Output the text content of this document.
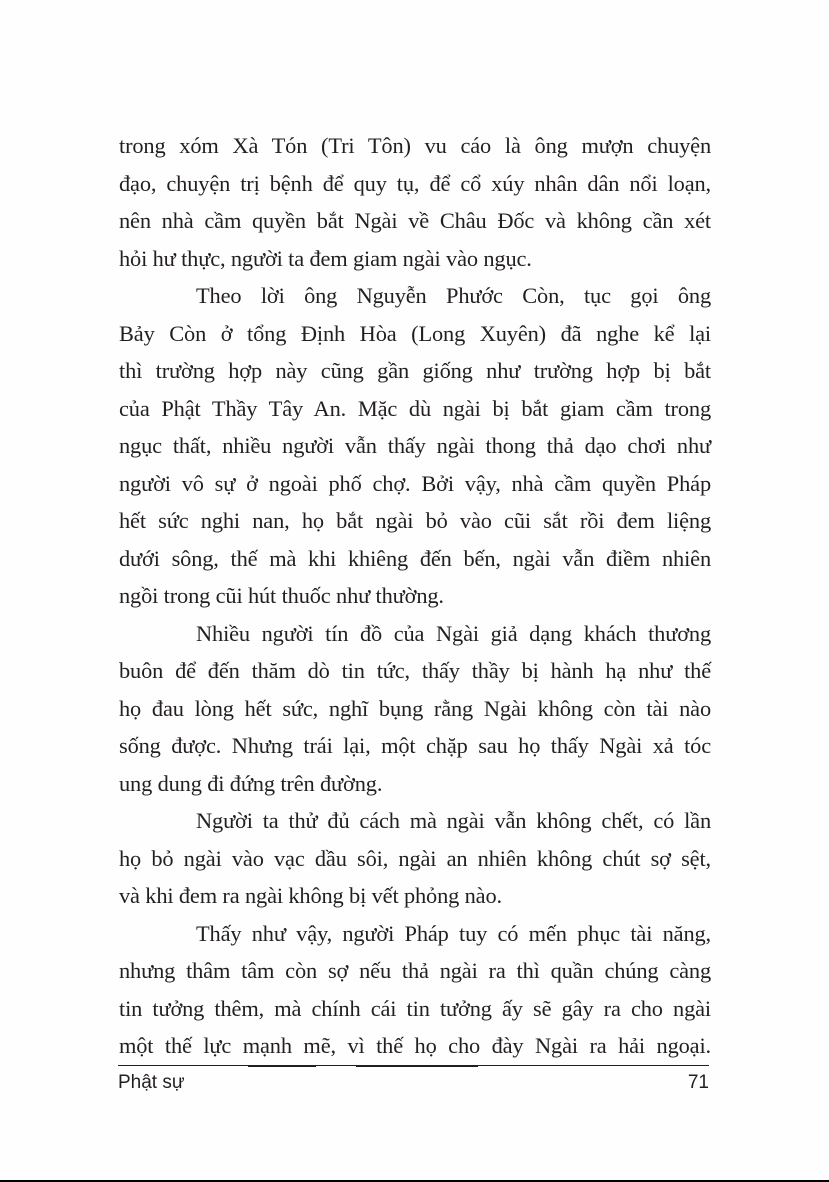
trong xóm Xà Tón (Tri Tôn) vu cáo là ông mượn chuyện
đạo, chuyện trị bệnh để quy tụ, để cổ xúy nhân dân nổi loạn,
nên nhà cầm quyền bắt Ngài về Châu Đốc và không cần xét
hỏi hư thực, người ta đem giam ngài vào ngục.
Theo lời ông Nguyễn Phước Còn, tục gọi ông
Bảy Còn ở tổng Định Hòa (Long Xuyên) đã nghe kể lại
thì trường hợp này cũng gần giống như trường hợp bị bắt
của Phật Thầy Tây An. Mặc dù ngài bị bắt giam cầm trong
ngục thất, nhiều người vẫn thấy ngài thong thả dạo chơi như
người vô sự ở ngoài phố chợ. Bởi vậy, nhà cầm quyền Pháp
hết sức nghi nan, họ bắt ngài bỏ vào cũi sắt rồi đem liệng
dưới sông, thế mà khi khiêng đến bến, ngài vẫn điềm nhiên
ngồi trong cũi hút thuốc như thường.
Nhiều người tín đồ của Ngài giả dạng khách thương
buôn để đến thăm dò tin tức, thấy thầy bị hành hạ như thế
họ đau lòng hết sức, nghĩ bụng rằng Ngài không còn tài nào
sống được. Nhưng trái lại, một chặp sau họ thấy Ngài xả tóc
ung dung đi đứng trên đường.
Người ta thử đủ cách mà ngài vẫn không chết, có lần
họ bỏ ngài vào vạc dầu sôi, ngài an nhiên không chút sợ sệt,
và khi đem ra ngài không bị vết phỏng nào.
Thấy như vậy, người Pháp tuy có mến phục tài năng,
nhưng thâm tâm còn sợ nếu thả ngài ra thì quần chúng càng
tin tưởng thêm, mà chính cái tin tưởng ấy sẽ gây ra cho ngài
một thế lực mạnh mẽ, vì thế họ cho đày Ngài ra hải ngoại.
Phật sự	71
